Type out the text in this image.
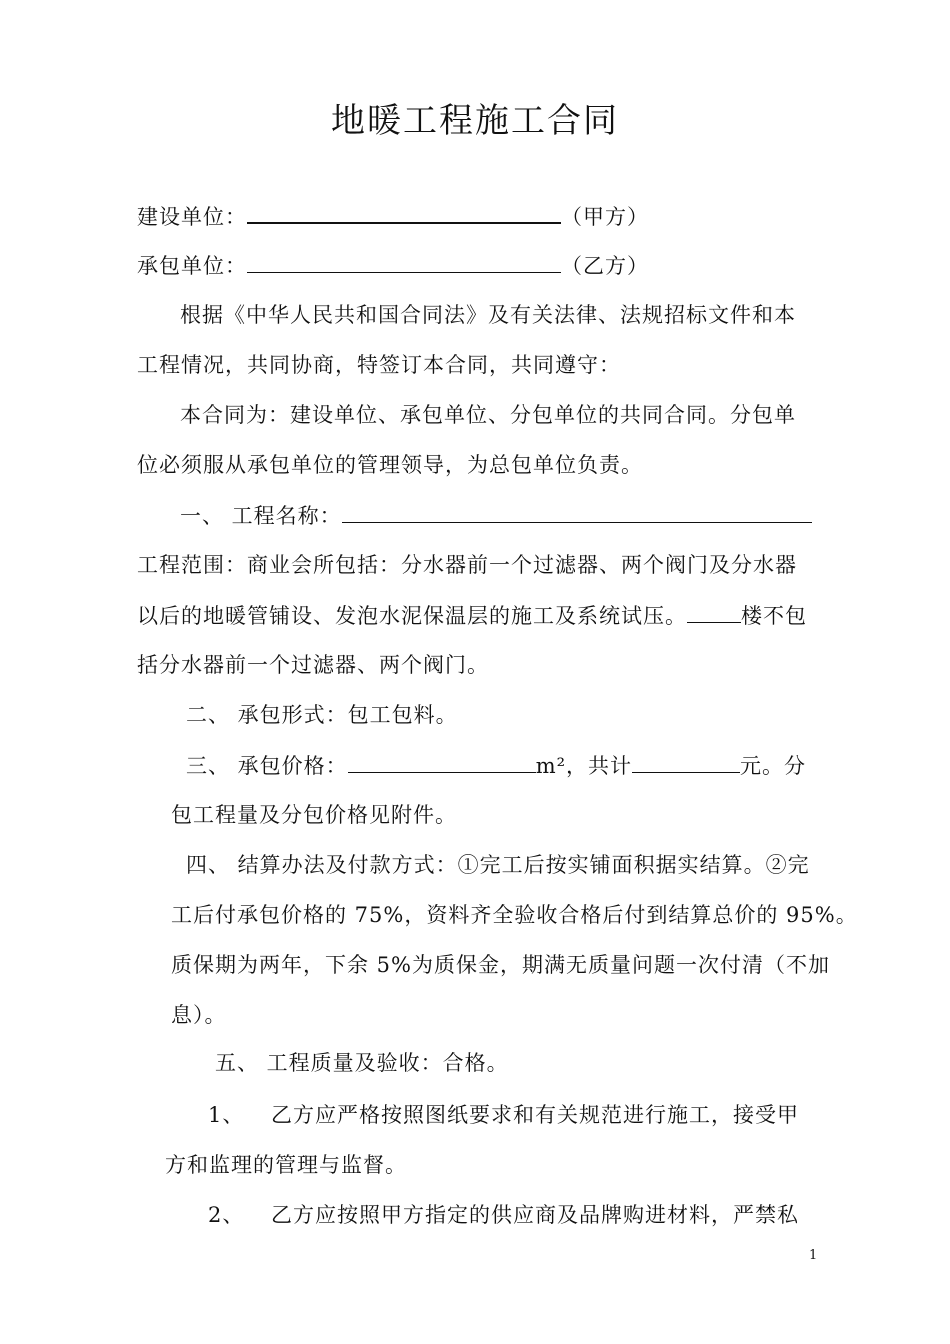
地暖工程施工合同
建设单位：	（甲方）
承包单位：	（乙方）
根据《中华人民共和国合同法》及有关法律、法规招标文件和本
工程情况，共同协商，特签订本合同，共同遵守：
本合同为：建设单位、承包单位、分包单位的共同合同。分包单
位必须服从承包单位的管理领导，为总包单位负责。
一、 工程名称：
工程范围：商业会所包括：分水器前一个过滤器、两个阀门及分水器
以后的地暖管铺设、发泡水泥保温层的施工及系统试压。	楼不包
括分水器前一个过滤器、两个阀门。
二、 承包形式：包工包料。
三、 承包价格：	m²，共计	元。分
包工程量及分包价格见附件。
四、 结算办法及付款方式：①完工后按实铺面积据实结算。②完
工后付承包价格的 75%，资料齐全验收合格后付到结算总价的 95%。
质保期为两年，下余 5%为质保金，期满无质量问题一次付清（不加
息）。
五、 工程质量及验收：合格。
1、 乙方应严格按照图纸要求和有关规范进行施工，接受甲
方和监理的管理与监督。
2、 乙方应按照甲方指定的供应商及品牌购进材料，严禁私
1
